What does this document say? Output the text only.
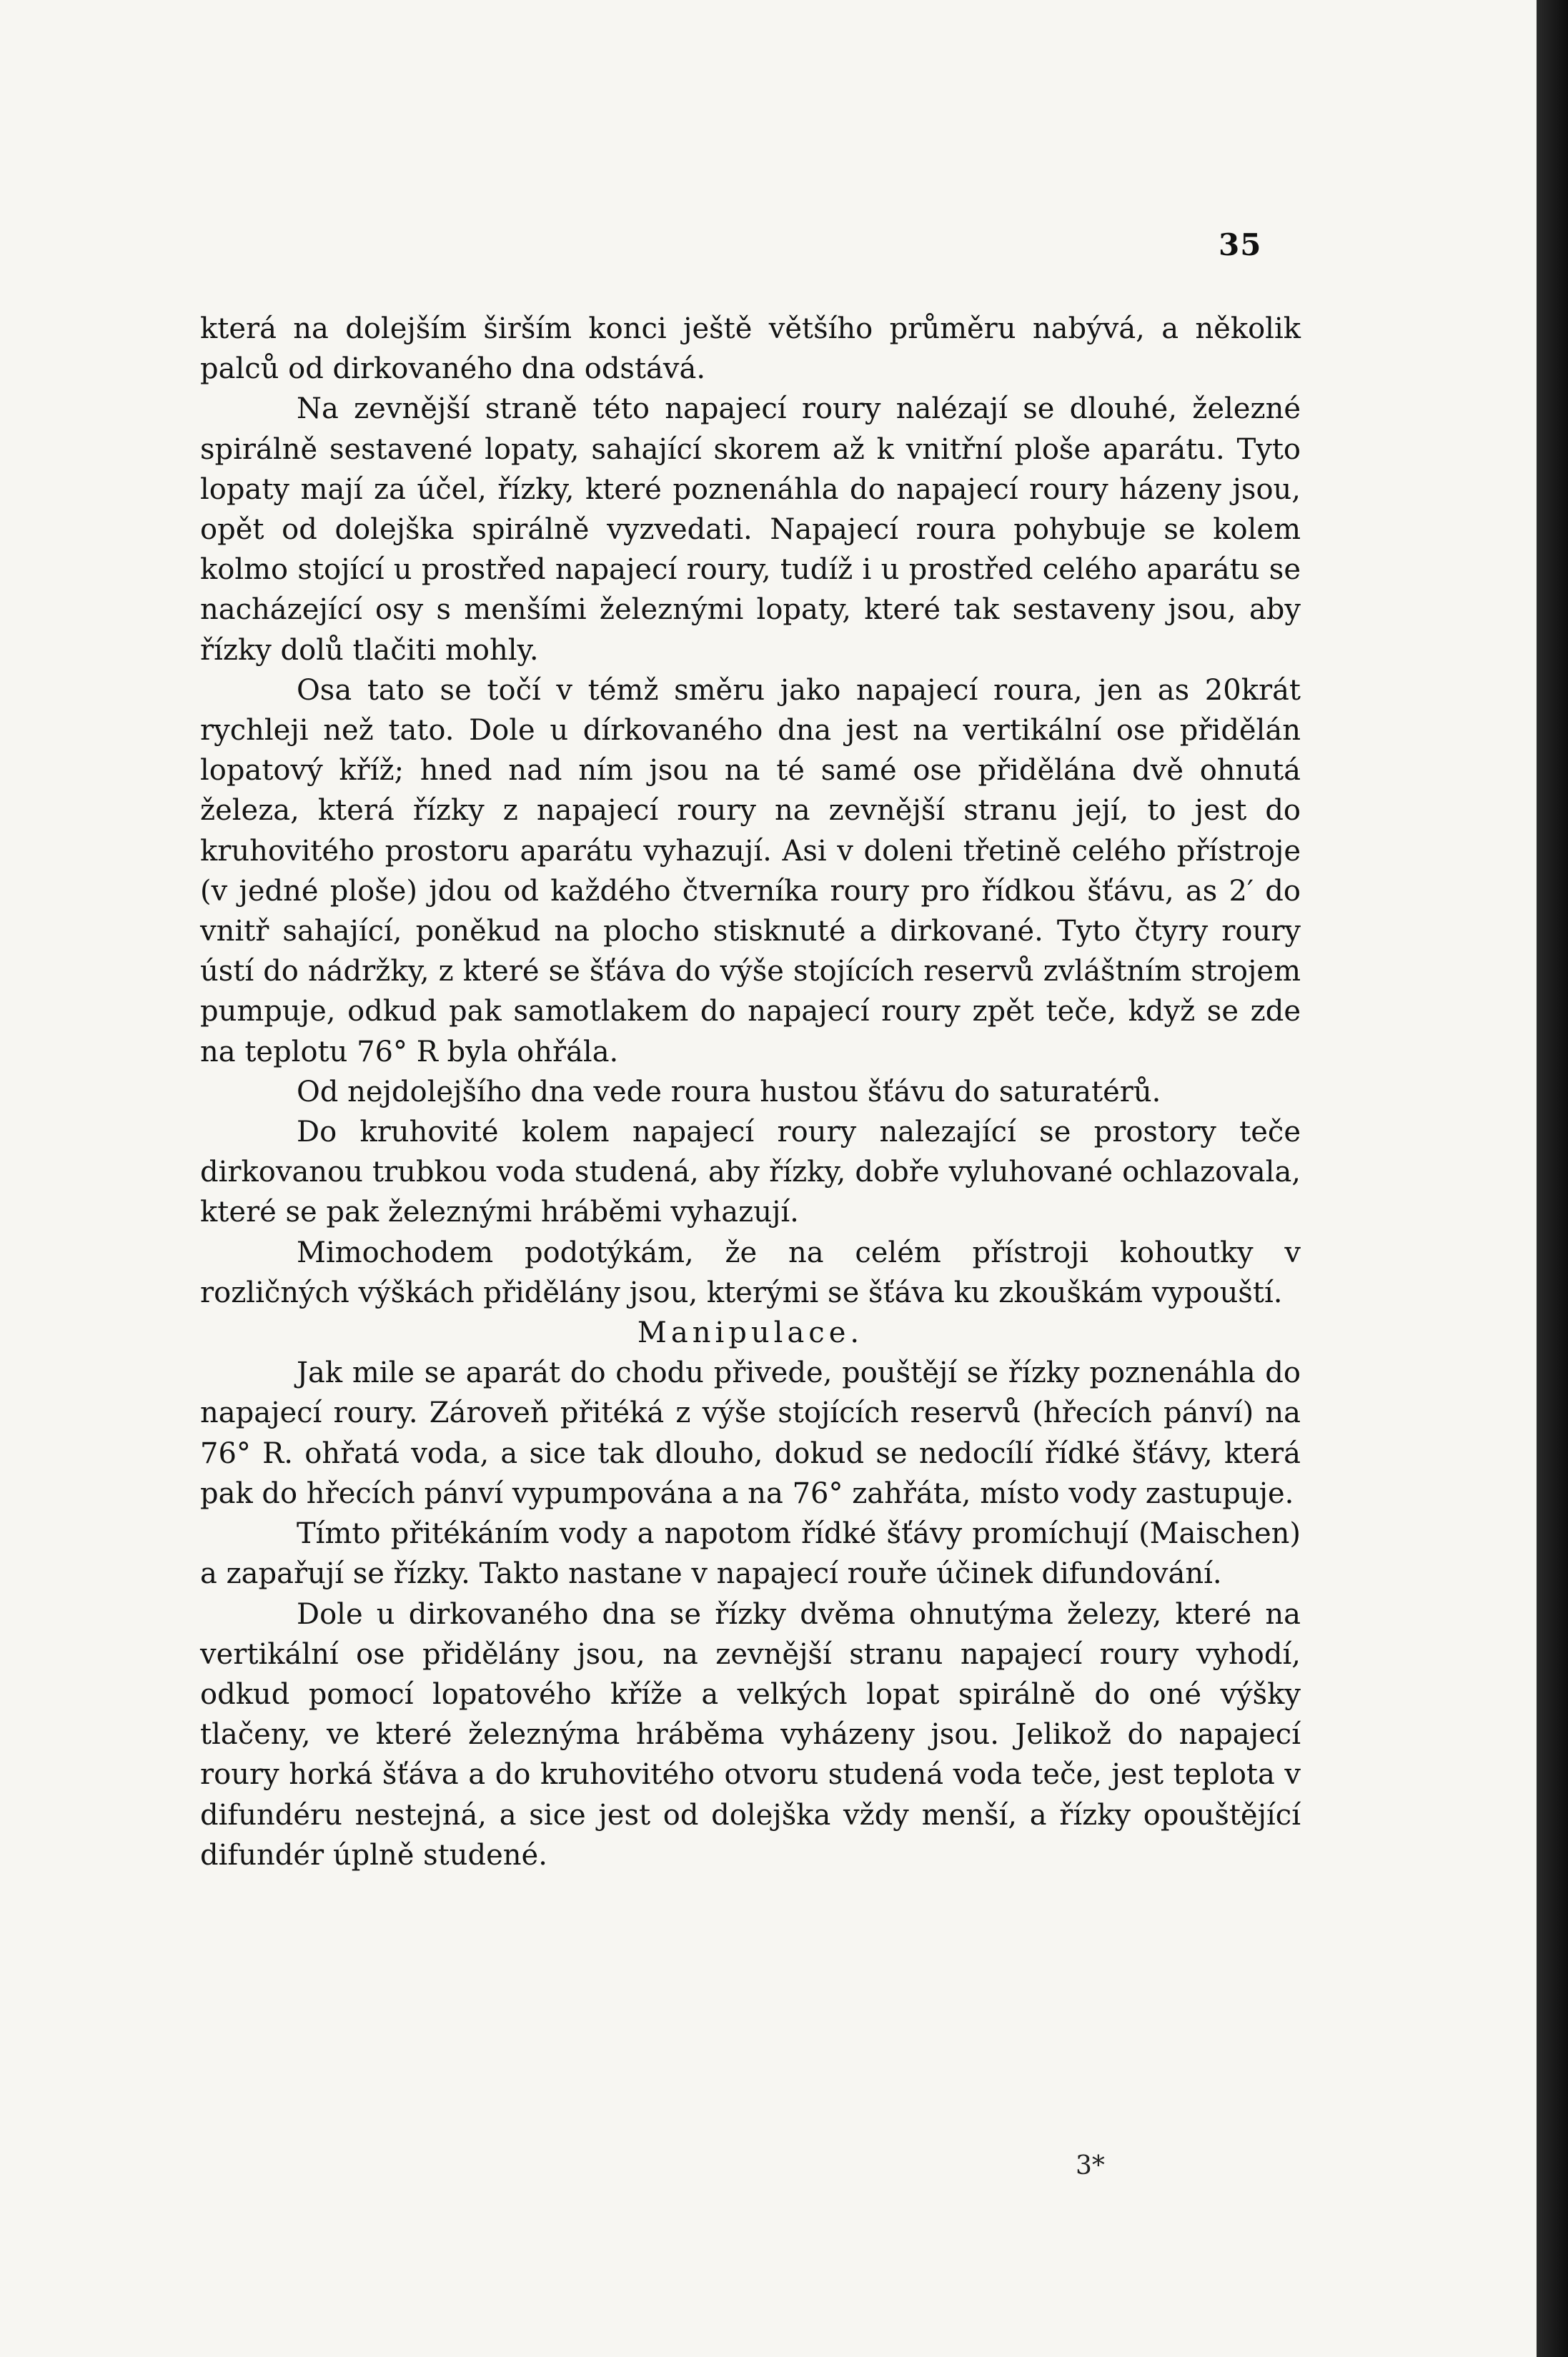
35

která na dolejším širším konci ještě většího průměru nabývá, a několik palců od dirkovaného dna odstává.

Na zevnější straně této napajecí roury nalézají se dlouhé, železné spirálně sestavené lopaty, sahající skorem až k vnitřní ploše aparátu. Tyto lopaty mají za účel, řízky, které poznenáhla do napajecí roury házeny jsou, opět od dolejška spirálně vyzvedati. Napajecí roura pohybuje se kolem kolmo stojící u prostřed napajecí roury, tudíž i u prostřed celého aparátu se nacházející osy s menšími železnými lopaty, které tak sestaveny jsou, aby řízky dolů tlačiti mohly.

Osa tato se točí v témž směru jako napajecí roura, jen as 20krát rychleji než tato. Dole u dírkovaného dna jest na vertikální ose přidělán lopatový kříž; hned nad ním jsou na té samé ose přidělána dvě ohnutá železa, která řízky z napajecí roury na zevnější stranu její, to jest do kruhovitého prostoru aparátu vyhazují. Asi v doleni třetině celého přístroje (v jedné ploše) jdou od každého čtverníka roury pro řídkou šťávu, as 2′ do vnitř sahající, poněkud na plocho stisknuté a dirkované. Tyto čtyry roury ústí do nádržky, z které se šťáva do výše stojících reservů zvláštním strojem pumpuje, odkud pak samotlakem do napajecí roury zpět teče, když se zde na teplotu 76° R byla ohřála.

Od nejdolejšího dna vede roura hustou šťávu do saturatérů.

Do kruhovité kolem napajecí roury nalezající se prostory teče dirkovanou trubkou voda studená, aby řízky, dobře vyluhované ochlazovala, které se pak železnými hráběmi vyhazují.

Mimochodem podotýkám, že na celém přístroji kohoutky v rozličných výškách přidělány jsou, kterými se šťáva ku zkouškám vypouští.

Manipulace.

Jak mile se aparát do chodu přivede, pouštějí se řízky poznenáhla do napajecí roury. Zároveň přitéká z výše stojících reservů (hřecích pánví) na 76° R. ohřatá voda, a sice tak dlouho, dokud se nedocílí řídké šťávy, která pak do hřecích pánví vypumpována a na 76° zahřáta, místo vody zastupuje.

Tímto přitékáním vody a napotom řídké šťávy promíchují (Maischen) a zapařují se řízky. Takto nastane v napajecí rouře účinek difundování.

Dole u dirkovaného dna se řízky dvěma ohnutýma železy, které na vertikální ose přidělány jsou, na zevnější stranu napajecí roury vyhodí, odkud pomocí lopatového kříže a velkých lopat spirálně do oné výšky tlačeny, ve které železnýma hráběma vyházeny jsou. Jelikož do napajecí roury horká šťáva a do kruhovitého otvoru studená voda teče, jest teplota v difundéru nestejná, a sice jest od dolejška vždy menší, a řízky opouštějící difundér úplně studené.

3*
